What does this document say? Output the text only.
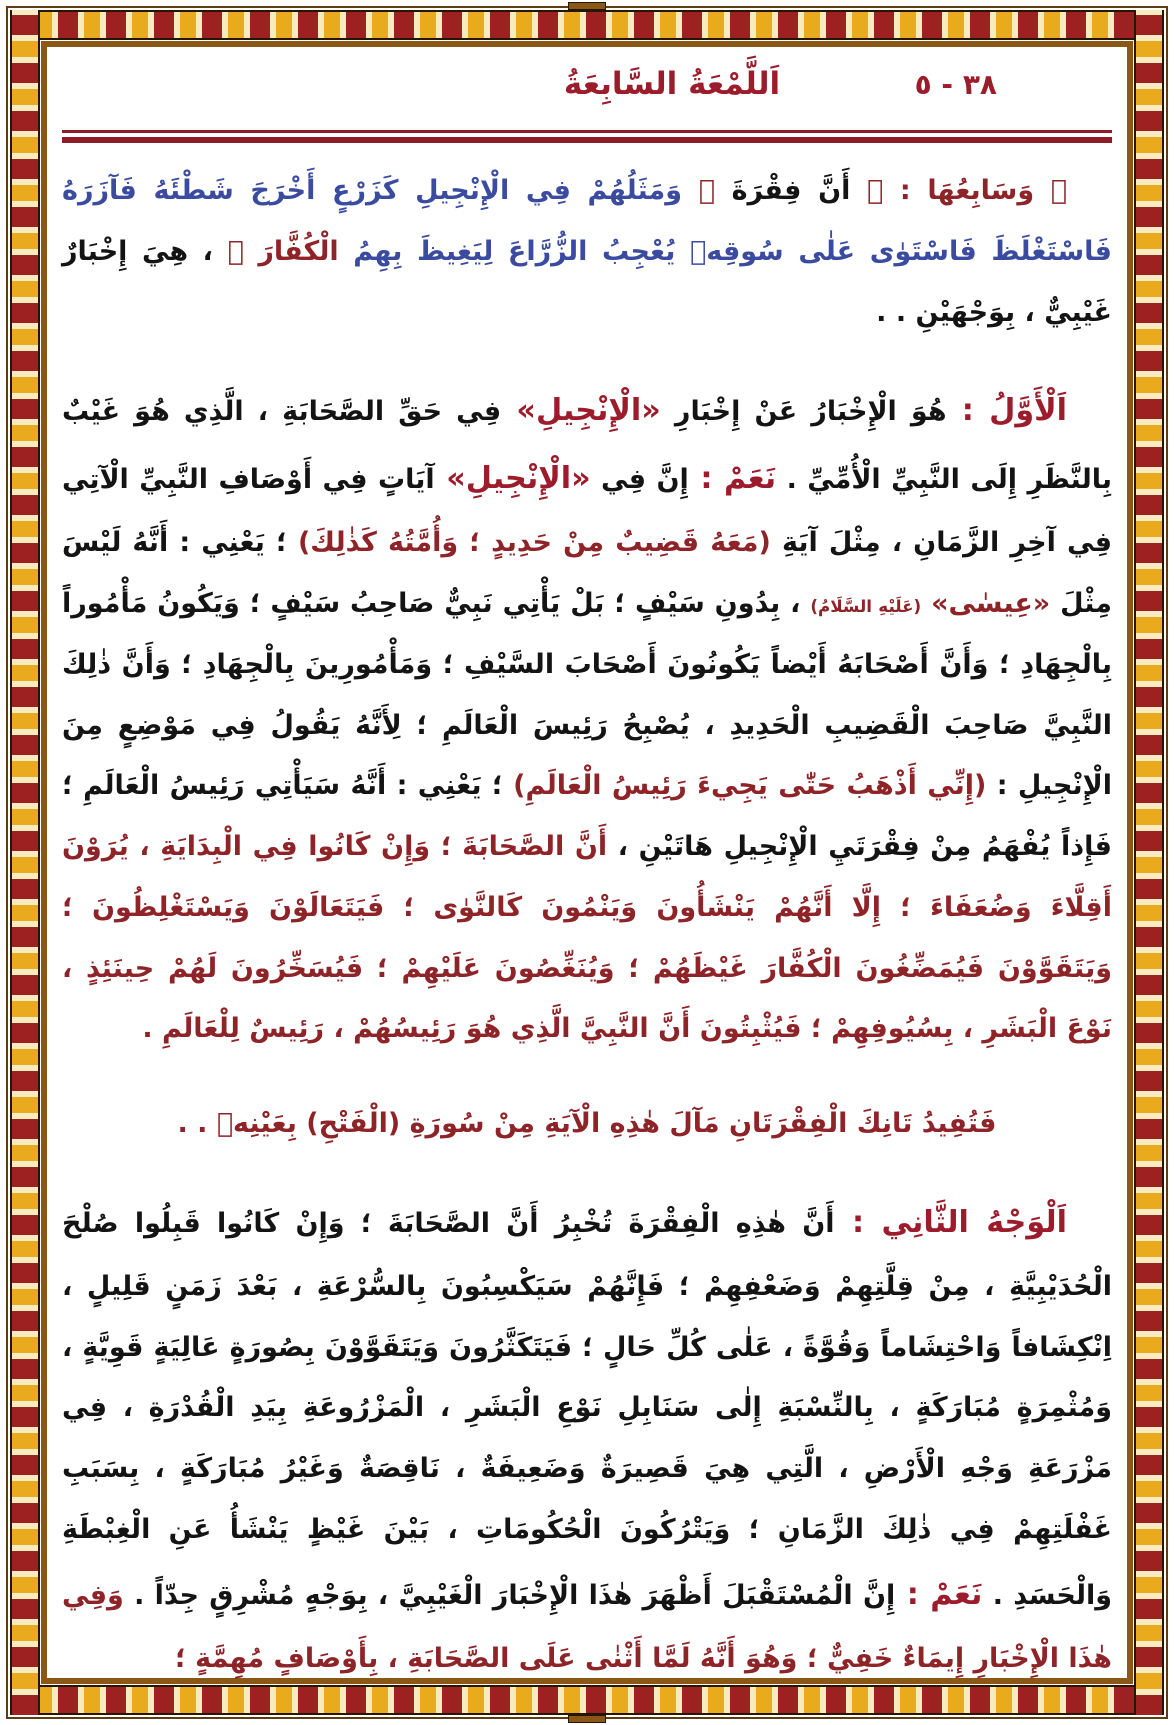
٣٨ - ٥
اَللَّمْعَةُ السَّابِعَةُ

﴿ وَسَابِعُهَا : ﴾ أَنَّ فِقْرَةَ ﴿ وَمَثَلُهُمْ فِي الْإِنْجِيلِ كَزَرْعٍ أَخْرَجَ شَطْئَهُ فَآزَرَهُ فَاسْتَغْلَظَ فَاسْتَوٰى عَلٰى سُوقِهٖ يُعْجِبُ الزُّرَّاعَ لِيَغِيظَ بِهِمُ الْكُفَّارَ ﴾ ، هِيَ إِخْبَارٌ غَيْبِيٌّ ، بِوَجْهَيْنِ . .

اَلْأَوَّلُ : هُوَ الْإِخْبَارُ عَنْ إِخْبَارِ «الْإِنْجِيلِ» فِي حَقِّ الصَّحَابَةِ ، الَّذِي هُوَ غَيْبٌ بِالنَّظَرِ إِلَى النَّبِيِّ الْأُمِّيِّ . نَعَمْ : إِنَّ فِي «الْإِنْجِيلِ» آيَاتٍ فِي أَوْصَافِ النَّبِيِّ الْآتِي فِي آخِرِ الزَّمَانِ ، مِثْلَ آيَةِ (مَعَهُ قَضِيبٌ مِنْ حَدِيدٍ ؛ وَأُمَّتُهُ كَذٰلِكَ) ؛ يَعْنِي : أَنَّهُ لَيْسَ مِثْلَ «عِيسٰى» (عَلَيْهِ السَّلَامُ) ، بِدُونِ سَيْفٍ ؛ بَلْ يَأْتِي نَبِيٌّ صَاحِبُ سَيْفٍ ؛ وَيَكُونُ مَأْمُوراً بِالْجِهَادِ ؛ وَأَنَّ أَصْحَابَهُ أَيْضاً يَكُونُونَ أَصْحَابَ السَّيْفِ ؛ وَمَأْمُورِينَ بِالْجِهَادِ ؛ وَأَنَّ ذٰلِكَ النَّبِيَّ صَاحِبَ الْقَضِيبِ الْحَدِيدِ ، يُصْبِحُ رَئِيسَ الْعَالَمِ ؛ لِأَنَّهُ يَقُولُ فِي مَوْضِعٍ مِنَ الْإِنْجِيلِ : (إِنِّي أَذْهَبُ حَتّٰى يَجِيءَ رَئِيسُ الْعَالَمِ) ؛ يَعْنِي : أَنَّهُ سَيَأْتِي رَئِيسُ الْعَالَمِ ؛ فَإِذاً يُفْهَمُ مِنْ فِقْرَتَيِ الْإِنْجِيلِ هَاتَيْنِ ، أَنَّ الصَّحَابَةَ ؛ وَإِنْ كَانُوا فِي الْبِدَايَةِ ، يُرَوْنَ أَقِلَّاءَ وَضُعَفَاءَ ؛ إِلَّا أَنَّهُمْ يَنْشَأُونَ وَيَنْمُونَ كَالنَّوٰى ؛ فَيَتَعَالَوْنَ وَيَسْتَغْلِظُونَ ؛ وَيَتَقَوَّوْنَ فَيُمَضِّغُونَ الْكُفَّارَ غَيْظَهُمْ ؛ وَيُنَغِّصُونَ عَلَيْهِمْ ؛ فَيُسَخِّرُونَ لَهُمْ حِينَئِذٍ ، نَوْعَ الْبَشَرِ ، بِسُيُوفِهِمْ ؛ فَيُثْبِتُونَ أَنَّ النَّبِيَّ الَّذِي هُوَ رَئِيسُهُمْ ، رَئِيسٌ لِلْعَالَمِ .

فَتُفِيدُ تَانِكَ الْفِقْرَتَانِ مَآلَ هٰذِهِ الْآيَةِ مِنْ سُورَةِ (الْفَتْحِ) بِعَيْنِهٖ . .

اَلْوَجْهُ الثَّانِي : أَنَّ هٰذِهِ الْفِقْرَةَ تُخْبِرُ أَنَّ الصَّحَابَةَ ؛ وَإِنْ كَانُوا قَبِلُوا صُلْحَ الْحُدَيْبِيَّةِ ، مِنْ قِلَّتِهِمْ وَضَعْفِهِمْ ؛ فَإِنَّهُمْ سَيَكْسِبُونَ بِالسُّرْعَةِ ، بَعْدَ زَمَنٍ قَلِيلٍ ، اِنْكِشَافاً وَاحْتِشَاماً وَقُوَّةً ، عَلٰى كُلِّ حَالٍ ؛ فَيَتَكَثَّرُونَ وَيَتَقَوَّوْنَ بِصُورَةٍ عَالِيَةٍ قَوِيَّةٍ ، وَمُثْمِرَةٍ مُبَارَكَةٍ ، بِالنِّسْبَةِ إِلٰى سَنَابِلِ نَوْعِ الْبَشَرِ ، الْمَزْرُوعَةِ بِيَدِ الْقُدْرَةِ ، فِي مَزْرَعَةِ وَجْهِ الْأَرْضِ ، الَّتِي هِيَ قَصِيرَةٌ وَضَعِيفَةٌ ، نَاقِصَةٌ وَغَيْرُ مُبَارَكَةٍ ، بِسَبَبِ غَفْلَتِهِمْ فِي ذٰلِكَ الزَّمَانِ ؛ وَيَتْرُكُونَ الْحُكُومَاتِ ، بَيْنَ غَيْظٍ يَنْشَأُ عَنِ الْغِبْطَةِ وَالْحَسَدِ . نَعَمْ : إِنَّ الْمُسْتَقْبَلَ أَظْهَرَ هٰذَا الْإِخْبَارَ الْغَيْبِيَّ ، بِوَجْهٍ مُشْرِقٍ جِدّاً . وَفِي هٰذَا الْإِخْبَارِ إِيمَاءٌ خَفِيٌّ ؛ وَهُوَ أَنَّهُ لَمَّا أَثْنٰى عَلَى الصَّحَابَةِ ، بِأَوْصَافٍ مُهِمَّةٍ ؛
